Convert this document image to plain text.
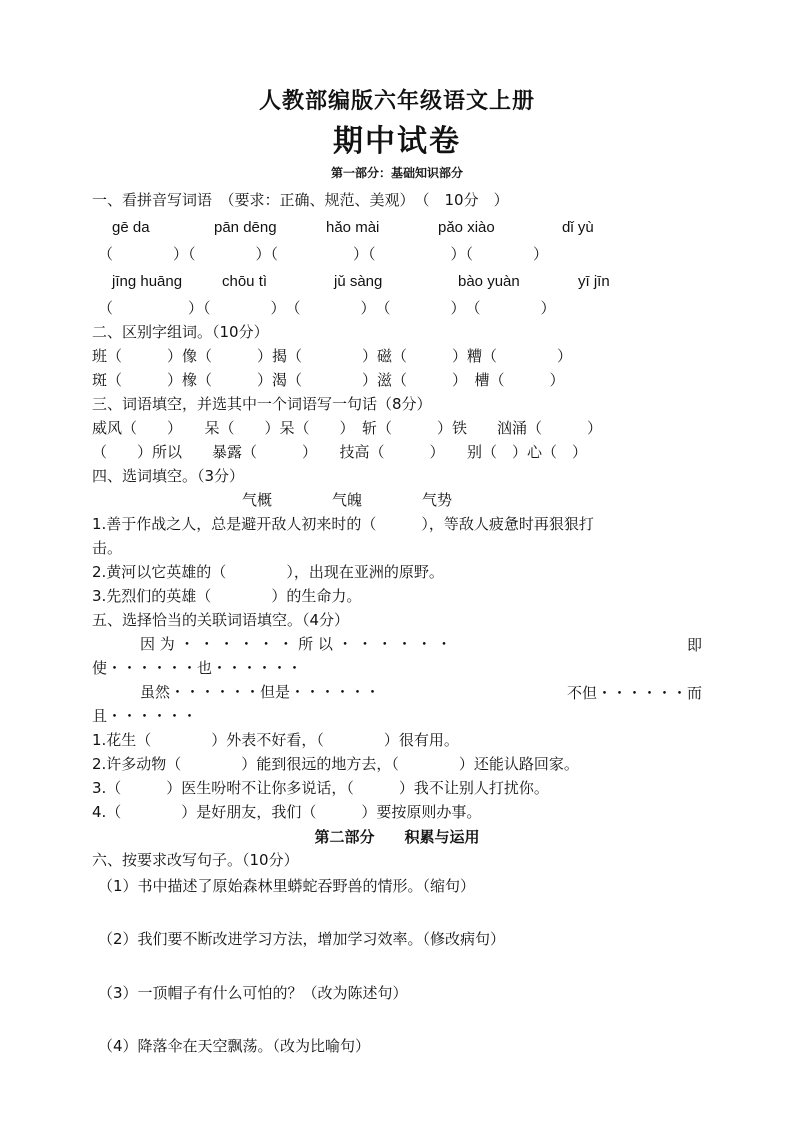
人教部编版六年级语文上册
期中试卷
第一部分：基础知识部分
一、看拼音写词语　（要求：正确、规范、美观）　（　10分　）
gē da	pān dēng	hǎo mài	pǎo xiào	dǐ yù
（　　　　）（　　　　）（　　　　　）（　　　　　）（　　　　）
jīng huāng	chōu tì	jǔ sàng	bào yuàn	yī jīn
（　　　　　）（　　　　）　（　　　　）　（　　　　）　（　　　　）
二、区别字组词。（10分）
班（　　　）像（　　　）揭（　　　　）磁（　　　）糟（　　　　）
斑（　　　）橡（　　　）渴（　　　　）滋（　　　）　槽（　　　）
三、词语填空，并选其中一个词语写一句话（8分）
威风（　　）　　呆（　　）呆（　　）　斩（　　　）铁　　汹涌（　　　）
（　　）所以　　暴露（　　　）　　技高（　　　）　　别（　）心（　）
四、选词填空。（3分）
气概　　　　气魄　　　　气势
1.善于作战之人，总是避开敌人初来时的（　　　），等敌人疲惫时再狠狠打
击。
2.黄河以它英雄的（　　　　），出现在亚洲的原野。
3.先烈们的英雄（　　　　）的生命力。
五、选择恰当的关联词语填空。（4分）
因 为 ・ ・ ・ ・ ・ ・ 所 以 ・ ・ ・ ・ ・ ・	即
使・・・・・・也・・・・・・
虽然・・・・・・但是・・・・・・	不但・・・・・・而
且・・・・・・
1.花生（　　　　）外表不好看，（　　　　）很有用。
2.许多动物（　　　　）能到很远的地方去，（　　　　）还能认路回家。
3.（　　　）医生吩咐不让你多说话，（　　　）我不让别人打扰你。
4.（　　　　）是好朋友，我们（　　　）要按原则办事。
第二部分　　积累与运用
六、按要求改写句子。（10分）
（1）书中描述了原始森林里蟒蛇吞野兽的情形。（缩句）
（2）我们要不断改进学习方法，增加学习效率。（修改病句）
（3）一顶帽子有什么可怕的？（改为陈述句）
（4）降落伞在天空飘荡。（改为比喻句）
